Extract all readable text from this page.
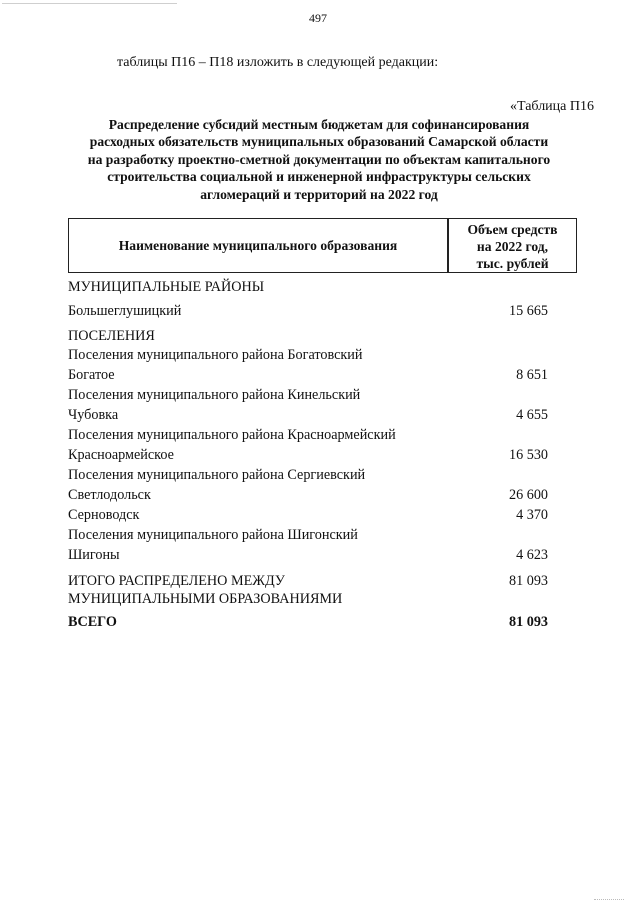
497
таблицы П16 – П18 изложить в следующей редакции:
«Таблица П16
Распределение субсидий местным бюджетам для софинансирования
расходных обязательств муниципальных образований Самарской области
на разработку проектно-сметной документации по объектам капитального
строительства социальной и инженерной инфраструктуры сельских
агломераций и территорий на 2022 год
Наименование муниципального образования
Объем средств
на 2022 год,
тыс. рублей
МУНИЦИПАЛЬНЫЕ РАЙОНЫ
Большеглушицкий	15 665
ПОСЕЛЕНИЯ
Поселения муниципального района Богатовский
Богатое	8 651
Поселения муниципального района Кинельский
Чубовка	4 655
Поселения муниципального района Красноармейский
Красноармейское	16 530
Поселения муниципального района Сергиевский
Светлодольск	26 600
Серноводск	4 370
Поселения муниципального района Шигонский
Шигоны	4 623
ИТОГО РАСПРЕДЕЛЕНО МЕЖДУ	81 093
МУНИЦИПАЛЬНЫМИ ОБРАЗОВАНИЯМИ
ВСЕГО	81 093
